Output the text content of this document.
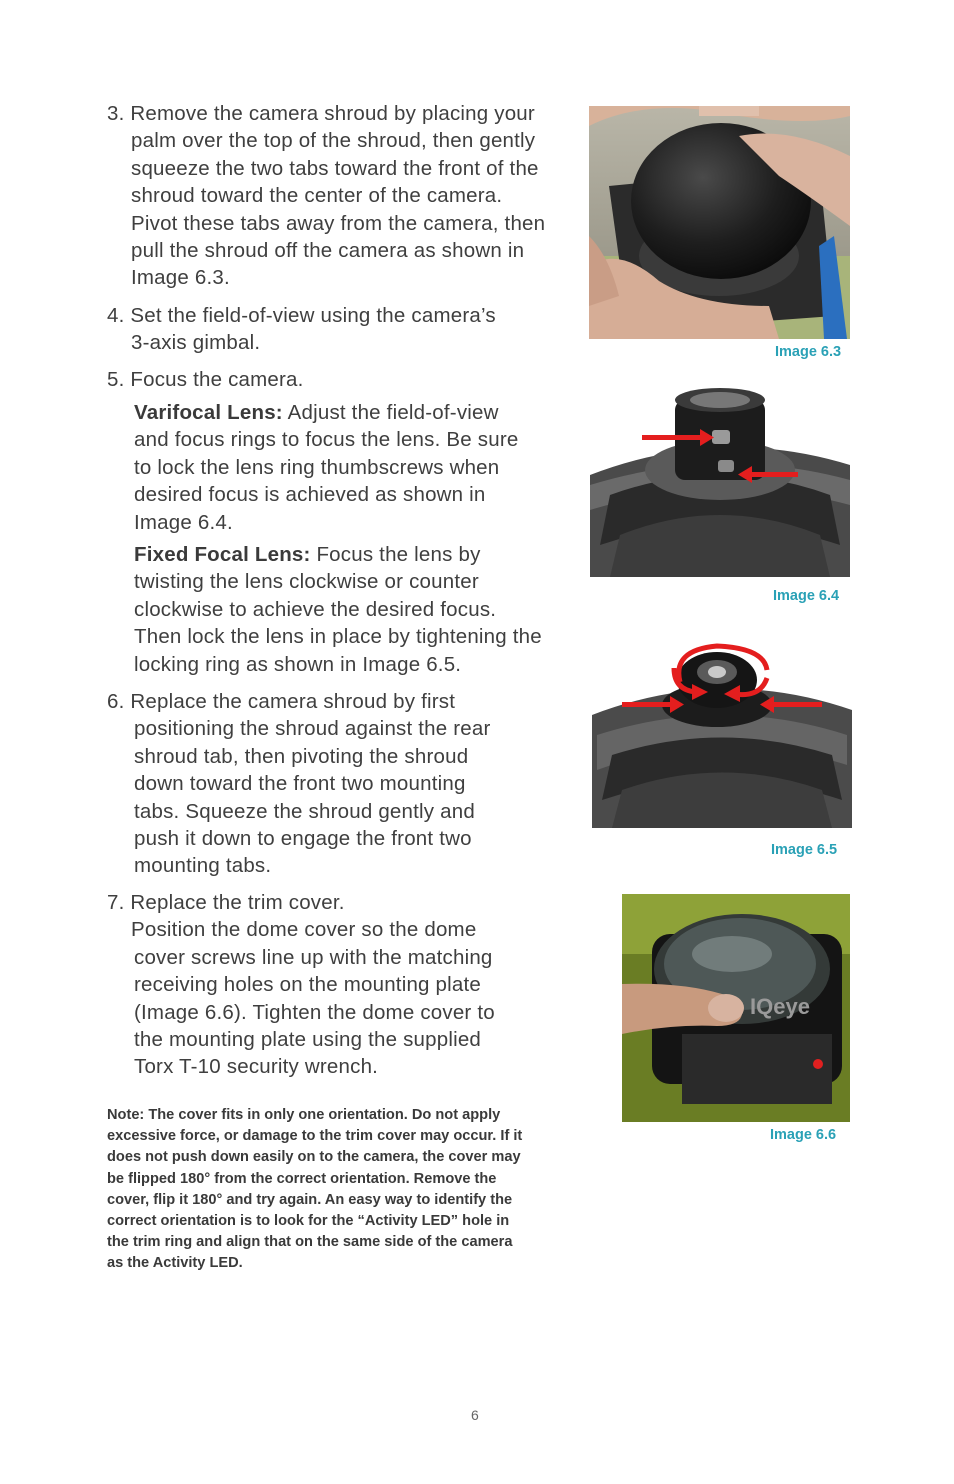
3. Remove the camera shroud by placing your
palm over the top of the shroud, then gently
squeeze the two tabs toward the front of the
shroud toward the center of the camera.
Pivot these tabs away from the camera, then
pull the shroud off the camera as shown in
Image 6.3.
4. Set the field-of-view using the camera’s
3-axis gimbal.
5. Focus the camera.
Varifocal Lens: Adjust the field-of-view
and focus rings to focus the lens. Be sure
to lock the lens ring thumbscrews when
desired focus is achieved as shown in
Image 6.4.
Fixed Focal Lens: Focus the lens by
twisting the lens clockwise or counter
clockwise to achieve the desired focus.
Then lock the lens in place by tightening the
locking ring as shown in Image 6.5.
6. Replace the camera shroud by first
positioning the shroud against the rear
shroud tab, then pivoting the shroud
down toward the front two mounting
tabs. Squeeze the shroud gently and
push it down to engage the front two
mounting tabs.
7. Replace the trim cover.
Position the dome cover so the dome
cover screws line up with the matching
receiving holes on the mounting plate
(Image 6.6). Tighten the dome cover to
the mounting plate using the supplied
Torx T-10 security wrench.
Note: The cover fits in only one orientation. Do not apply
excessive force, or damage to the trim cover may occur. If it
does not push down easily on to the camera, the cover may
be flipped 180° from the correct orientation. Remove the
cover, flip it 180° and try again. An easy way to identify the
correct orientation is to look for the “Activity LED” hole in
the trim ring and align that on the same side of the camera
as the Activity LED.
Image 6.3
Image 6.4
Image 6.5
IQeye
Image 6.6
6
